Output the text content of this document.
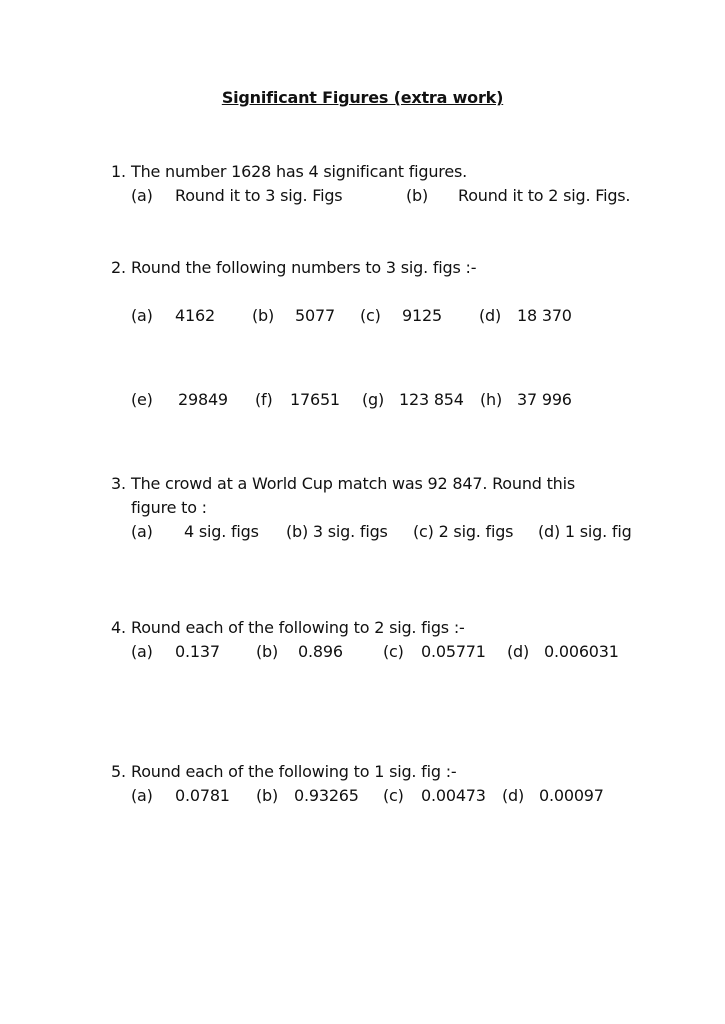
Significant Figures (extra work)
1. The number 1628 has 4 significant figures.
(a) Round it to 3 sig. Figs	(b) Round it to 2 sig. Figs.
2. Round the following numbers to 3 sig. figs :-
(a) 4162 (b) 5077 (c) 9125 (d) 18 370
(e) 29849 (f) 17651 (g) 123 854 (h) 37 996
3. The crowd at a World Cup match was 92 847. Round this
figure to :
(a) 4 sig. figs (b) 3 sig. figs (c) 2 sig. figs (d) 1 sig. fig
4. Round each of the following to 2 sig. figs :-
(a) 0.137 (b) 0.896	(c) 0.05771 (d) 0.006031
5. Round each of the following to 1 sig. fig :-
(a) 0.0781 (b) 0.93265 (c) 0.00473 (d) 0.00097
